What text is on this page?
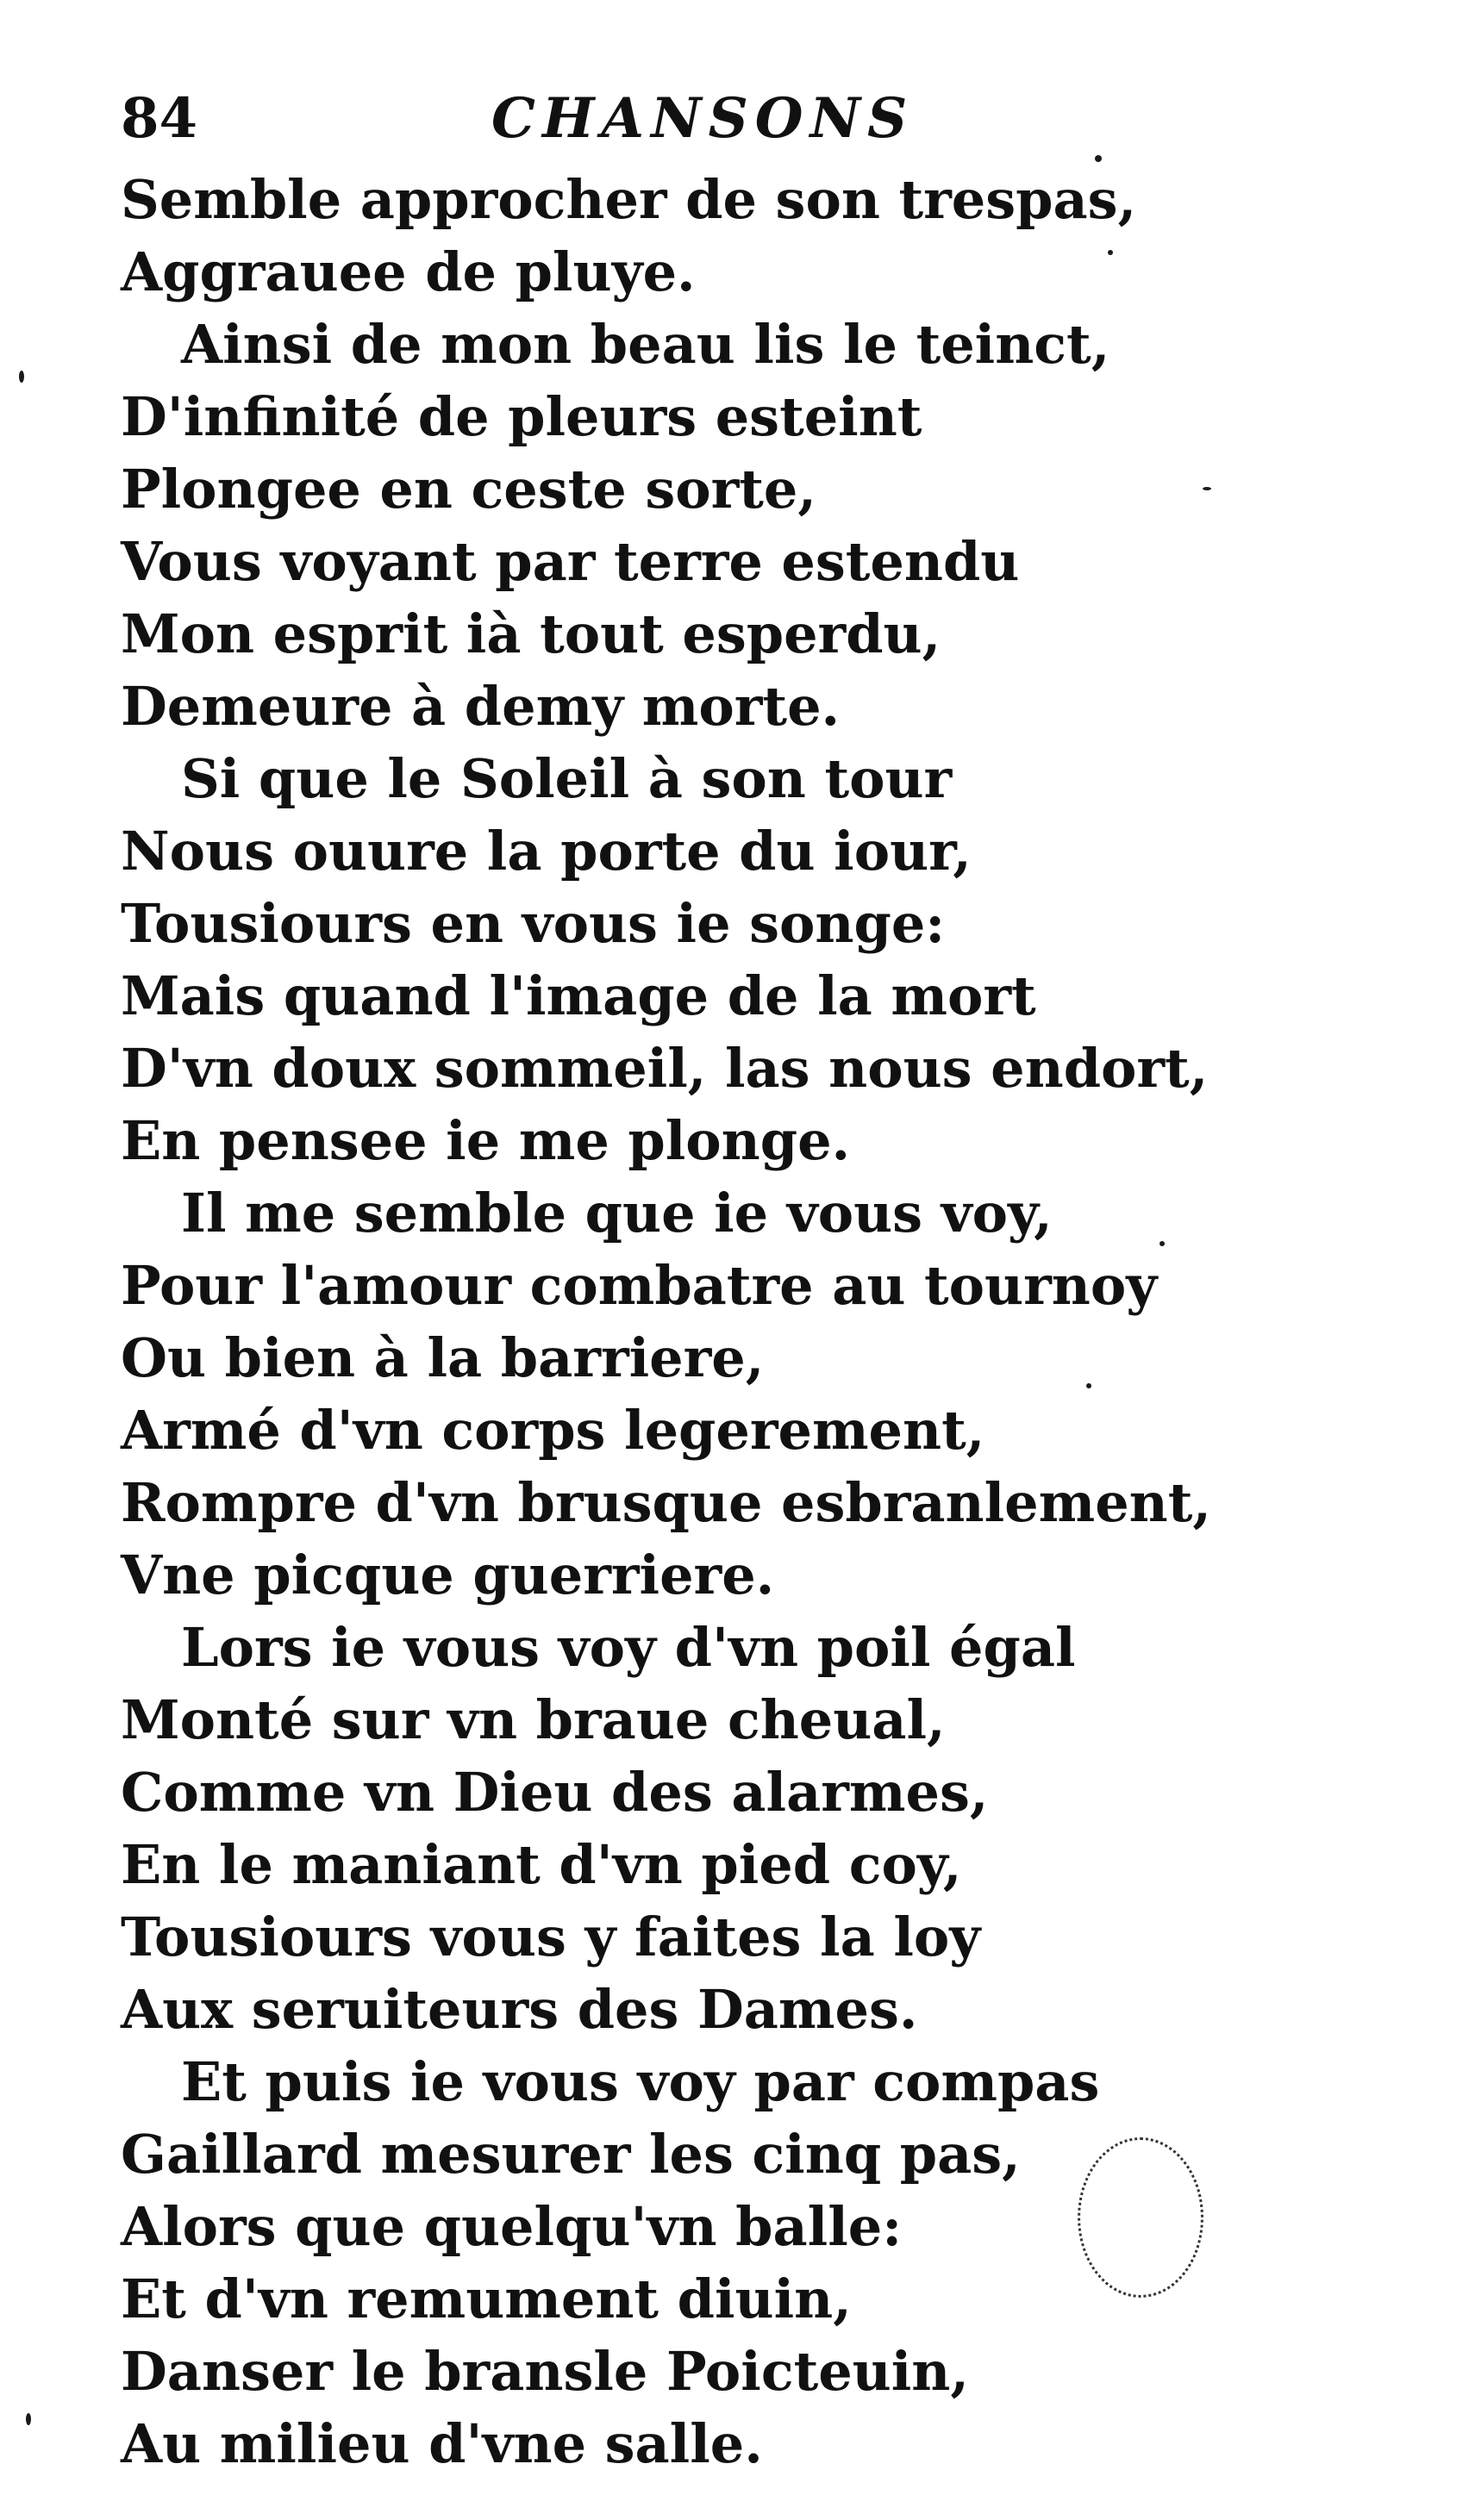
84	CHANSONS
Semble approcher de son trespas,
Aggrauee de pluye.
Ainsi de mon beau lis le teinct,
D'infinité de pleurs esteint
Plongee en ceste sorte,
Vous voyant par terre estendu
Mon esprit ià tout esperdu,
Demeure à demy morte.
Si que le Soleil à son tour
Nous ouure la porte du iour,
Tousiours en vous ie songe:
Mais quand l'image de la mort
D'vn doux sommeil, las nous endort,
En pensee ie me plonge.
Il me semble que ie vous voy,
Pour l'amour combatre au tournoy
Ou bien à la barriere,
Armé d'vn corps legerement,
Rompre d'vn brusque esbranlement,
Vne picque guerriere.
Lors ie vous voy d'vn poil égal
Monté sur vn braue cheual,
Comme vn Dieu des alarmes,
En le maniant d'vn pied coy,
Tousiours vous y faites la loy
Aux seruiteurs des Dames.
Et puis ie vous voy par compas
Gaillard mesurer les cinq pas,
Alors que quelqu'vn balle:
Et d'vn remument diuin,
Danser le bransle Poicteuin,
Au milieu d'vne salle.
